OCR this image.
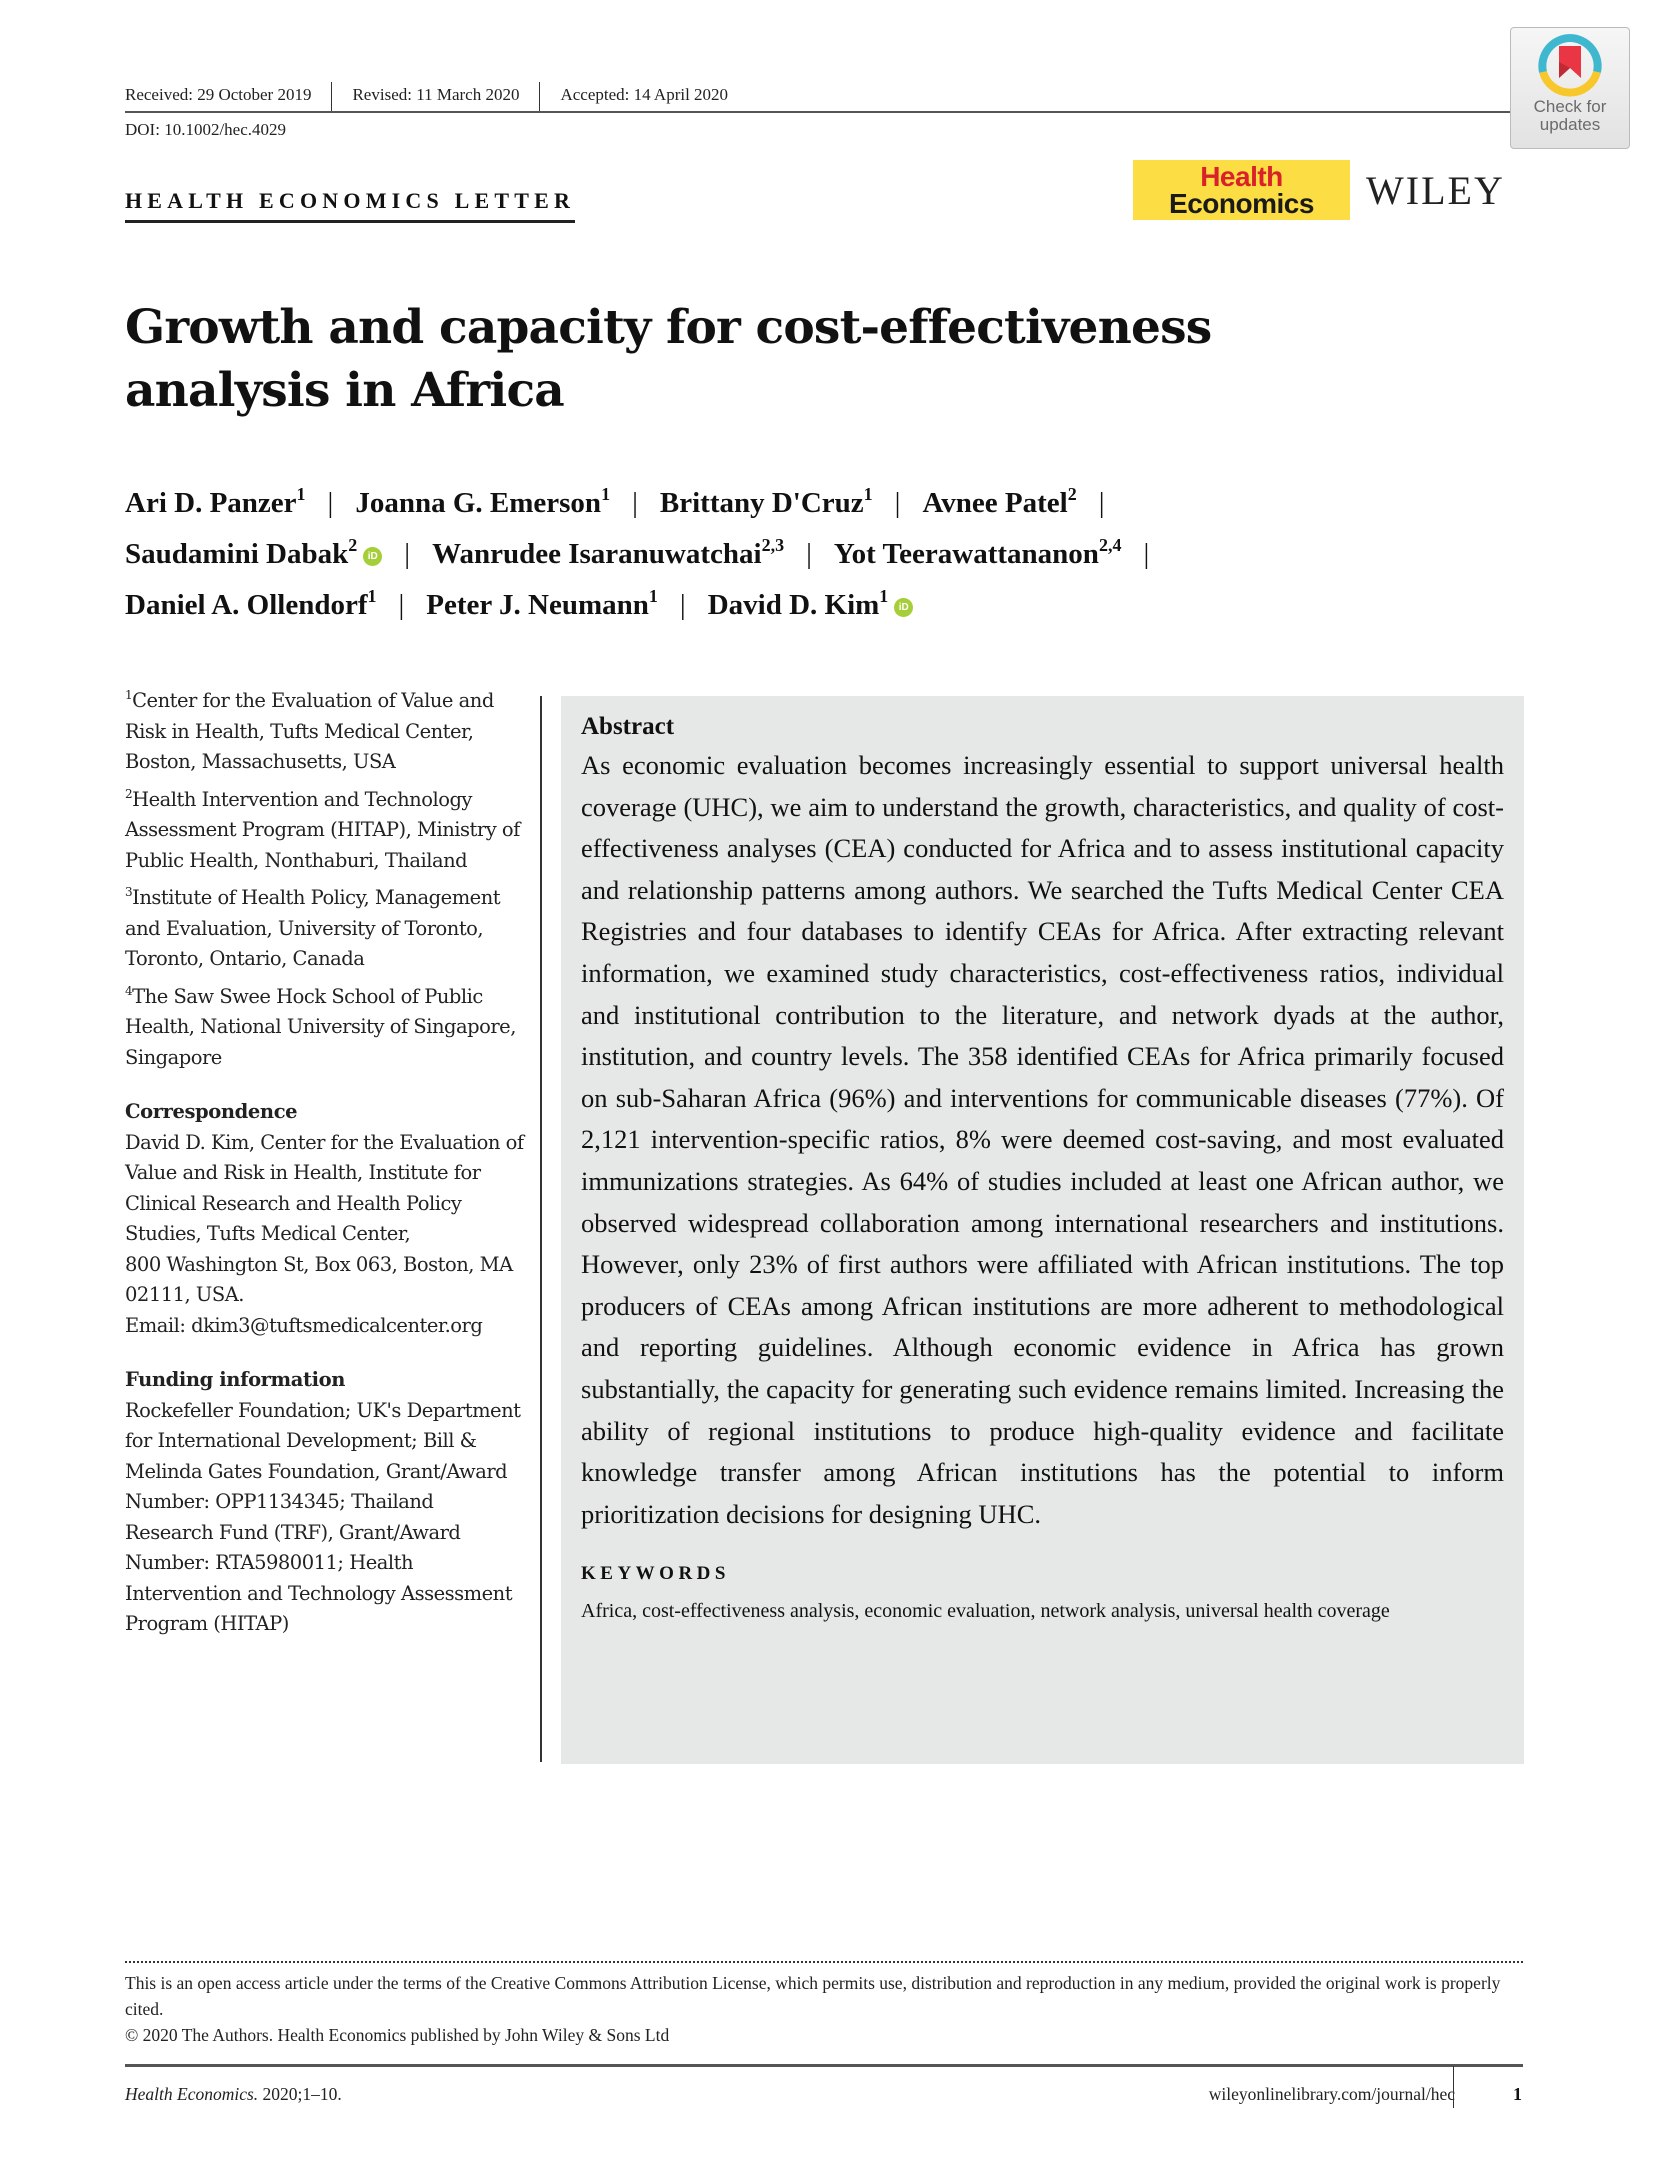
Received: 29 October 2019	Revised: 11 March 2020	Accepted: 14 April 2020
DOI: 10.1002/hec.4029
HEALTH ECONOMICS LETTER
Check for
updates
Health
Economics	WILEY
Growth and capacity for cost-effectiveness analysis in Africa
Ari D. Panzer$^1$ | Joanna G. Emerson$^1$ | Brittany D'Cruz$^1$ | Avnee Patel$^2$ |
Saudamini Dabak$^2$iD | Wanrudee Isaranuwatchai$^{2,3}$ | Yot Teerawattananon$^{2,4}$ |
Daniel A. Ollendorf$^1$ | Peter J. Neumann$^1$ | David D. Kim$^1$iD
$^1$Center for the Evaluation of Value and Risk in Health, Tufts Medical Center, Boston, Massachusetts, USA
$^2$Health Intervention and Technology Assessment Program (HITAP), Ministry of Public Health, Nonthaburi, Thailand
$^3$Institute of Health Policy, Management and Evaluation, University of Toronto, Toronto, Ontario, Canada
$^4$The Saw Swee Hock School of Public Health, National University of Singapore, Singapore
Correspondence
David D. Kim, Center for the Evaluation of Value and Risk in Health, Institute for Clinical Research and Health Policy Studies, Tufts Medical Center,
800 Washington St, Box 063, Boston, MA 02111, USA.
Email: dkim3@tuftsmedicalcenter.org
Funding information
Rockefeller Foundation; UK's Department for International Development; Bill & Melinda Gates Foundation, Grant/Award Number: OPP1134345; Thailand Research Fund (TRF), Grant/Award Number: RTA5980011; Health Intervention and Technology Assessment Program (HITAP)
Abstract
As economic evaluation becomes increasingly essential to support universal health coverage (UHC), we aim to understand the growth, characteristics, and quality of cost-effectiveness analyses (CEA) conducted for Africa and to assess institutional capacity and relationship patterns among authors. We searched the Tufts Medical Center CEA Registries and four databases to identify CEAs for Africa. After extracting relevant information, we examined study characteristics, cost-effectiveness ratios, individual and institutional contribution to the literature, and network dyads at the author, institution, and country levels. The 358 identified CEAs for Africa primarily focused on sub-Saharan Africa (96%) and interventions for communicable diseases (77%). Of 2,121 intervention-specific ratios, 8% were deemed cost-saving, and most evaluated immunizations strategies. As 64% of studies included at least one African author, we observed widespread collaboration among international researchers and institutions. However, only 23% of first authors were affiliated with African institutions. The top producers of CEAs among African institutions are more adherent to methodological and reporting guidelines. Although economic evidence in Africa has grown substantially, the capacity for generating such evidence remains limited. Increasing the ability of regional institutions to produce high-quality evidence and facilitate knowledge transfer among African institutions has the potential to inform prioritization decisions for designing UHC.
KEYWORDS
Africa, cost-effectiveness analysis, economic evaluation, network analysis, universal health coverage
This is an open access article under the terms of the Creative Commons Attribution License, which permits use, distribution and reproduction in any medium, provided the original work is properly cited.
© 2020 The Authors. Health Economics published by John Wiley & Sons Ltd
Health Economics. 2020;1–10.	wileyonlinelibrary.com/journal/hec	1
